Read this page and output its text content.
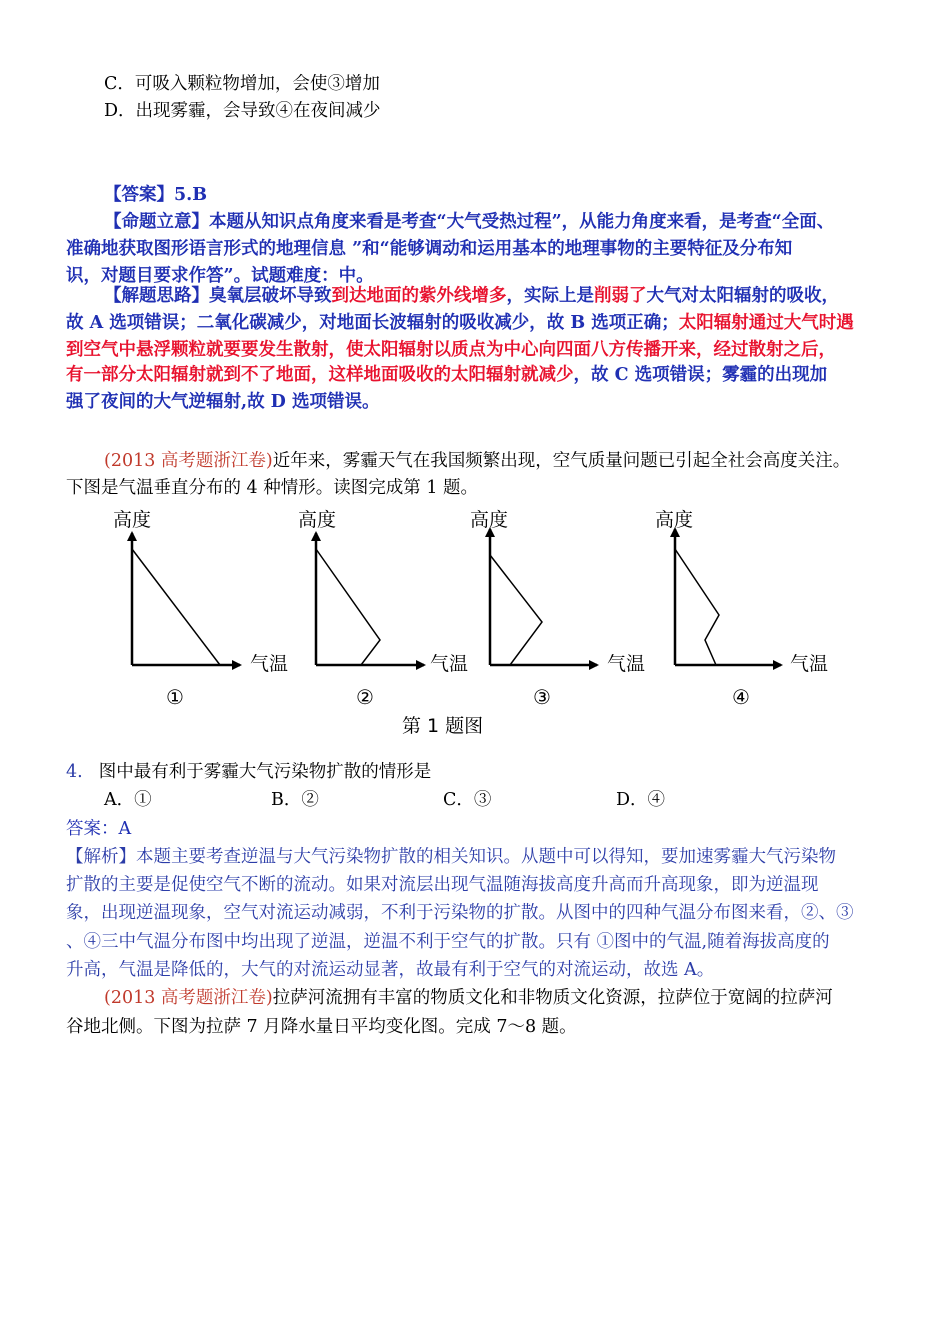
C．可吸入颗粒物增加，会使③增加
D．出现雾霾，会导致④在夜间减少
【答案】5.B
【命题立意】本题从知识点角度来看是考查“大气受热过程”，从能力角度来看，是考查“全面、
准确地获取图形语言形式的地理信息 ”和“能够调动和运用基本的地理事物的主要特征及分布知
识，对题目要求作答”。试题难度：中。
【解题思路】臭氧层破坏导致到达地面的紫外线增多，实际上是削弱了大气对太阳辐射的吸收，
故 A 选项错误；二氧化碳减少，对地面长波辐射的吸收减少，故 B 选项正确；太阳辐射通过大气时遇
到空气中悬浮颗粒就要要发生散射，使太阳辐射以质点为中心向四面八方传播开来，经过散射之后，
有一部分太阳辐射就到不了地面，这样地面吸收的太阳辐射就减少，故 C 选项错误；雾霾的出现加
强了夜间的大气逆辐射,故 D 选项错误。
(2013 高考题浙江卷)近年来，雾霾天气在我国频繁出现，空气质量问题已引起全社会高度关注。
下图是气温垂直分布的 4 种情形。读图完成第 1 题。
高度
气温
①
高度
气温
②
高度
气温
③
高度
气温
④
第 1 题图
4. 图中最有利于雾霾大气污染物扩散的情形是
A．①	B．②	C．③	D．④
答案：A
【解析】本题主要考查逆温与大气污染物扩散的相关知识。从题中可以得知，要加速雾霾大气污染物
扩散的主要是促使空气不断的流动。如果对流层出现气温随海拔高度升高而升高现象，即为逆温现
象，出现逆温现象，空气对流运动减弱，不利于污染物的扩散。从图中的四种气温分布图来看，②、③
、④三中气温分布图中均出现了逆温，逆温不利于空气的扩散。只有 ①图中的气温,随着海拔高度的
升高，气温是降低的，大气的对流运动显著，故最有利于空气的对流运动，故选 A。
(2013 高考题浙江卷)拉萨河流拥有丰富的物质文化和非物质文化资源，拉萨位于宽阔的拉萨河
谷地北侧。下图为拉萨 7 月降水量日平均变化图。完成 7～8 题。
